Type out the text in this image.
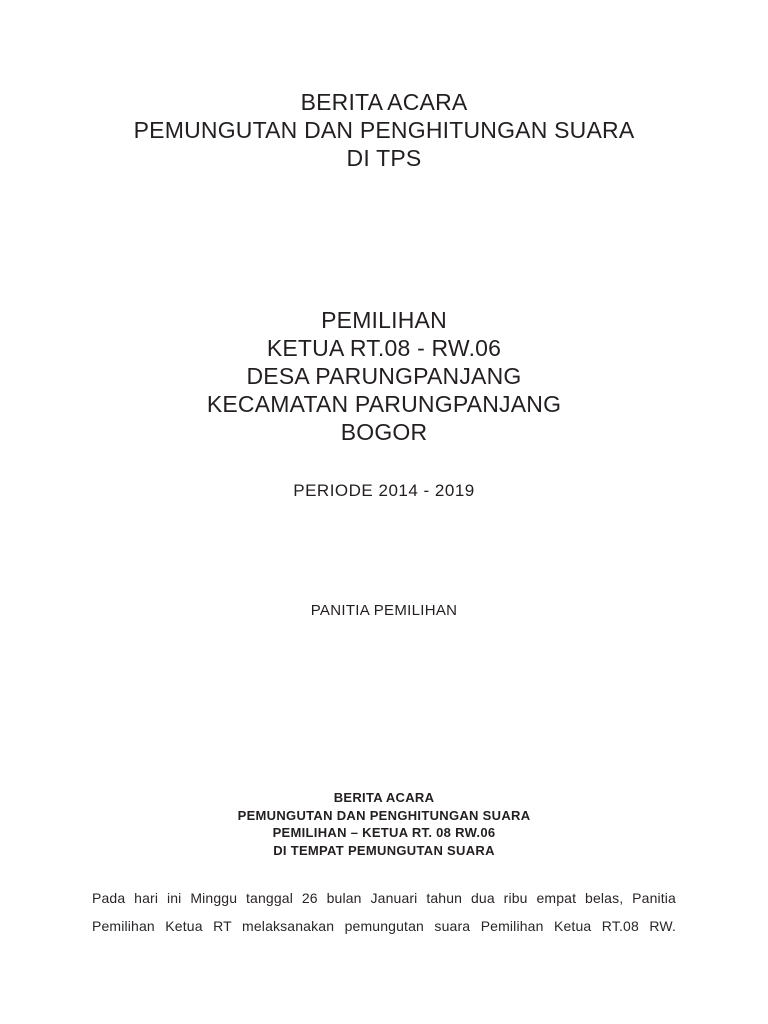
BERITA ACARA
PEMUNGUTAN DAN PENGHITUNGAN SUARA
DI TPS
PEMILIHAN
KETUA RT.08 - RW.06
DESA PARUNGPANJANG
KECAMATAN PARUNGPANJANG
BOGOR
PERIODE 2014 - 2019
PANITIA PEMILIHAN
BERITA ACARA
PEMUNGUTAN DAN PENGHITUNGAN SUARA
PEMILIHAN – KETUA RT. 08 RW.06
DI TEMPAT PEMUNGUTAN SUARA
Pada hari ini Minggu tanggal 26 bulan Januari tahun dua ribu empat belas, Panitia
Pemilihan Ketua RT melaksanakan pemungutan suara Pemilihan Ketua RT.08 RW.
